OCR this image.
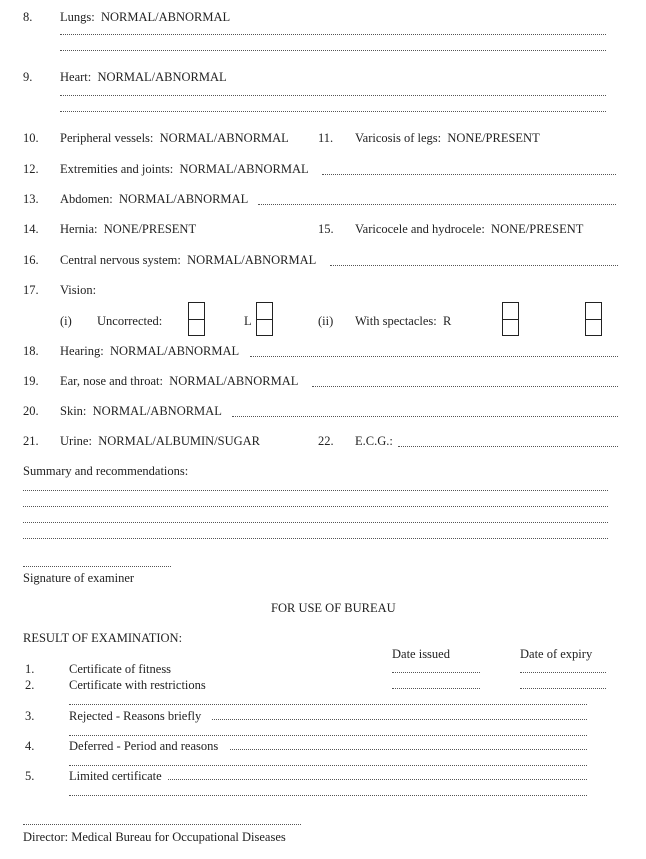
8. Lungs: NORMAL/ABNORMAL
9. Heart: NORMAL/ABNORMAL
10. Peripheral vessels: NORMAL/ABNORMAL 11. Varicosis of legs: NONE/PRESENT
12. Extremities and joints: NORMAL/ABNORMAL
13. Abdomen: NORMAL/ABNORMAL
14. Hernia: NONE/PRESENT	15. Varicocele and hydrocele: NONE/PRESENT
16. Central nervous system: NORMAL/ABNORMAL
17. Vision:
(i) Uncorrected:	L	(ii) With spectacles: R
18. Hearing: NORMAL/ABNORMAL
19. Ear, nose and throat: NORMAL/ABNORMAL
20. Skin: NORMAL/ABNORMAL
21. Urine: NORMAL/ALBUMIN/SUGAR	22. E.C.G.:
Summary and recommendations:
Signature of examiner
FOR USE OF BUREAU
RESULT OF EXAMINATION:
Date issued	Date of expiry
1.	Certificate of fitness
2.	Certificate with restrictions
3.	Rejected - Reasons briefly
4.	Deferred - Period and reasons
5.	Limited certificate
Director: Medical Bureau for Occupational Diseases
